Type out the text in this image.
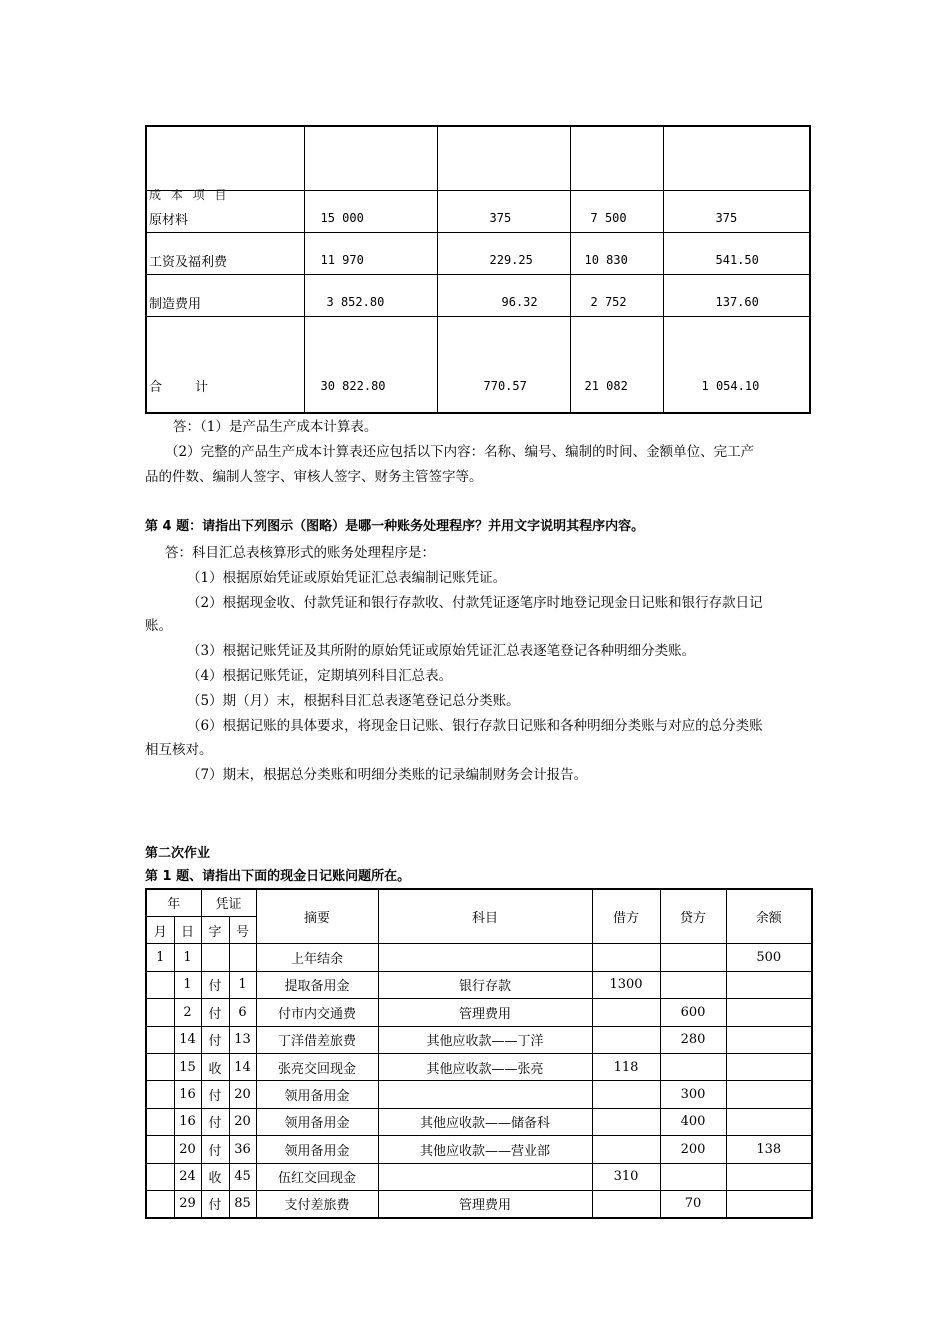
原材料	15 000	375	7 500	375
工资及福利费	11 970	229.25	10 830	541.50
制造费用	3 852.80	96.32	2 752	137.60
合        计	30 822.80	770.57	21 082	1 054.10
成 本 项 目
答：（1）是产品生产成本计算表。
（2）完整的产品生产成本计算表还应包括以下内容：名称、编号、编制的时间、金额单位、完工产
品的件数、编制人签字、审核人签字、财务主管签字等。
第 4 题：请指出下列图示（图略）是哪一种账务处理程序？并用文字说明其程序内容。
答：科目汇总表核算形式的账务处理程序是：
（1）根据原始凭证或原始凭证汇总表编制记账凭证。
（2）根据现金收、付款凭证和银行存款收、付款凭证逐笔序时地登记现金日记账和银行存款日记
账。
（3）根据记账凭证及其所附的原始凭证或原始凭证汇总表逐笔登记各种明细分类账。
（4）根据记账凭证，定期填列科目汇总表。
（5）期（月）末，根据科目汇总表逐笔登记总分类账。
（6）根据记账的具体要求，将现金日记账、银行存款日记账和各种明细分类账与对应的总分类账
相互核对。
（7）期末，根据总分类账和明细分类账的记录编制财务会计报告。
第二次作业
第 1 题、请指出下面的现金日记账问题所在。
年		凭证		摘要	科目	借方	贷方	余额
月	日	字	号					
1	1			上年结余				500
	1	付	1	提取备用金	银行存款	1300		
	2	付	6	付市内交通费	管理费用		600	
	14	付	13	丁洋借差旅费	其他应收款——丁洋		280	
	15	收	14	张亮交回现金	其他应收款——张亮	118		
	16	付	20	领用备用金			300	
	16	付	20	领用备用金	其他应收款——储备科		400	
	20	付	36	领用备用金	其他应收款——营业部		200	138
	24	收	45	伍红交回现金		310		
	29	付	85	支付差旅费	管理费用		70	
